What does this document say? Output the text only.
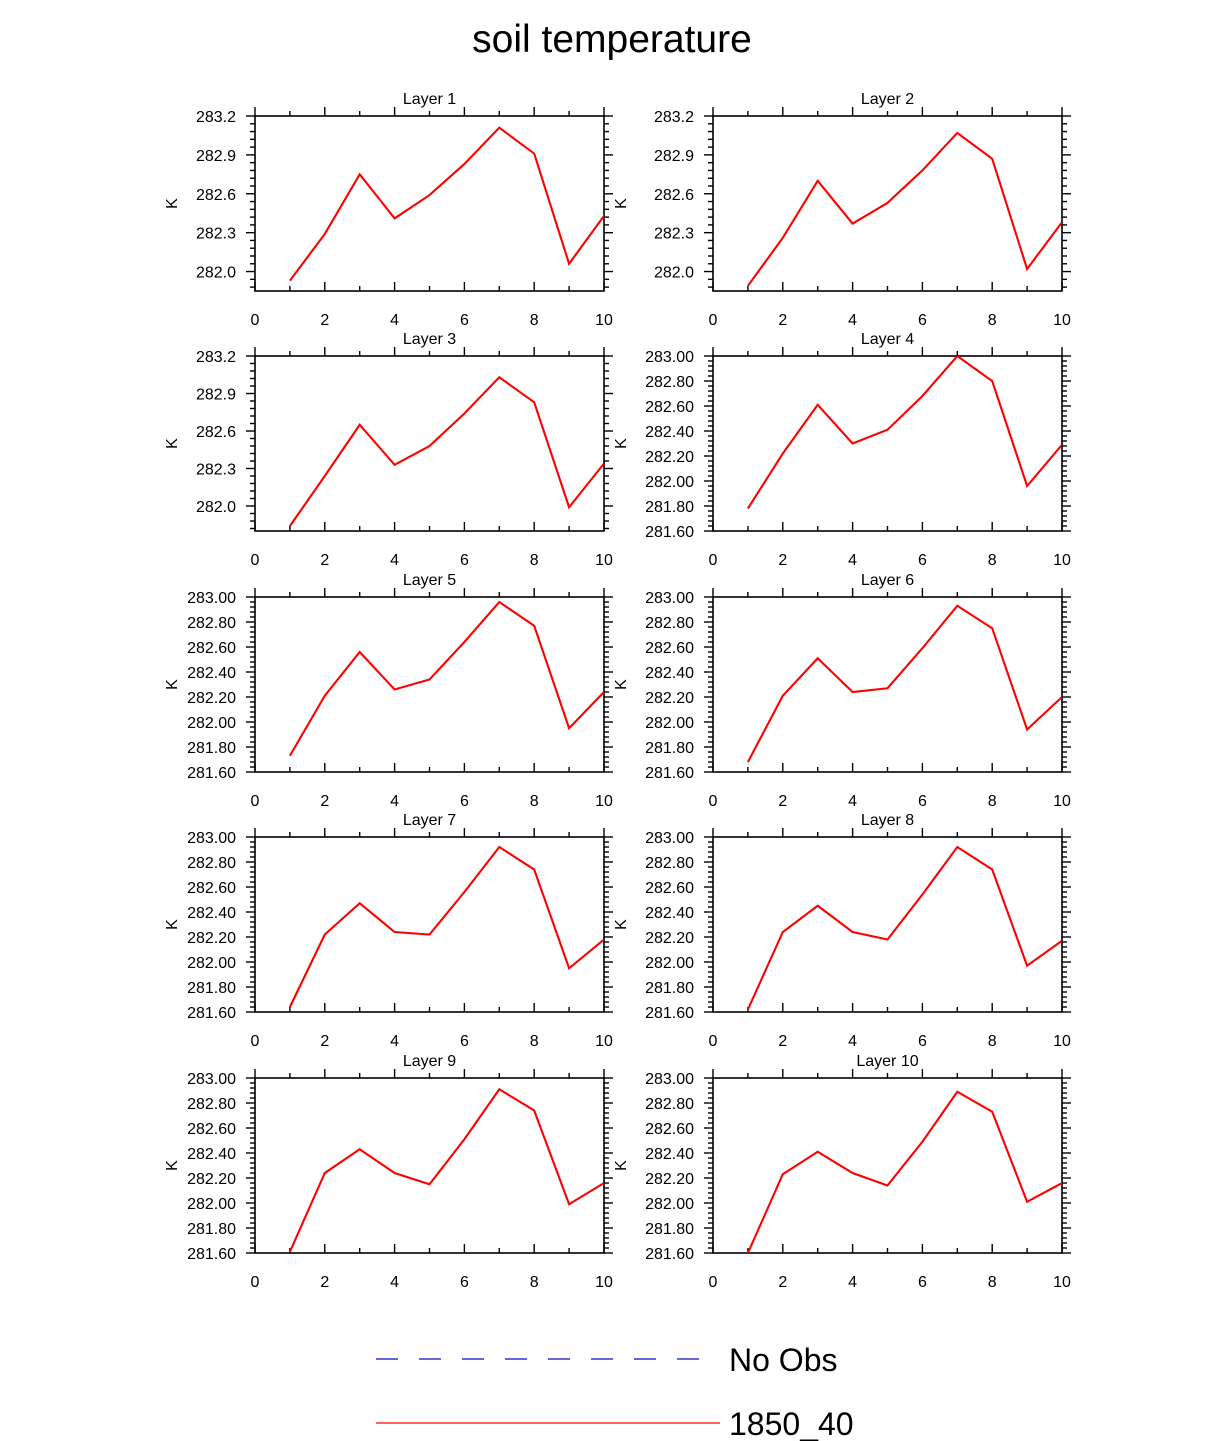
soil temperature
Layer 1
0	2	4	6	8	10
282.0
282.3
282.6
282.9
283.2
K
Layer 2
0	2	4	6	8	10
282.0
282.3
282.6
282.9
283.2
K
Layer 3
0	2	4	6	8	10
282.0
282.3
282.6
282.9
283.2
K
Layer 4
0	2	4	6	8	10
281.60
281.80
282.00
282.20
282.40
282.60
282.80
283.00
K
Layer 5
0	2	4	6	8	10
281.60
281.80
282.00
282.20
282.40
282.60
282.80
283.00
K
Layer 6
0	2	4	6	8	10
281.60
281.80
282.00
282.20
282.40
282.60
282.80
283.00
K
Layer 7
0	2	4	6	8	10
281.60
281.80
282.00
282.20
282.40
282.60
282.80
283.00
K
Layer 8
0	2	4	6	8	10
281.60
281.80
282.00
282.20
282.40
282.60
282.80
283.00
K
Layer 9
0	2	4	6	8	10
281.60
281.80
282.00
282.20
282.40
282.60
282.80
283.00
K
Layer 10
0	2	4	6	8	10
281.60
281.80
282.00
282.20
282.40
282.60
282.80
283.00
K
No Obs
1850_40
